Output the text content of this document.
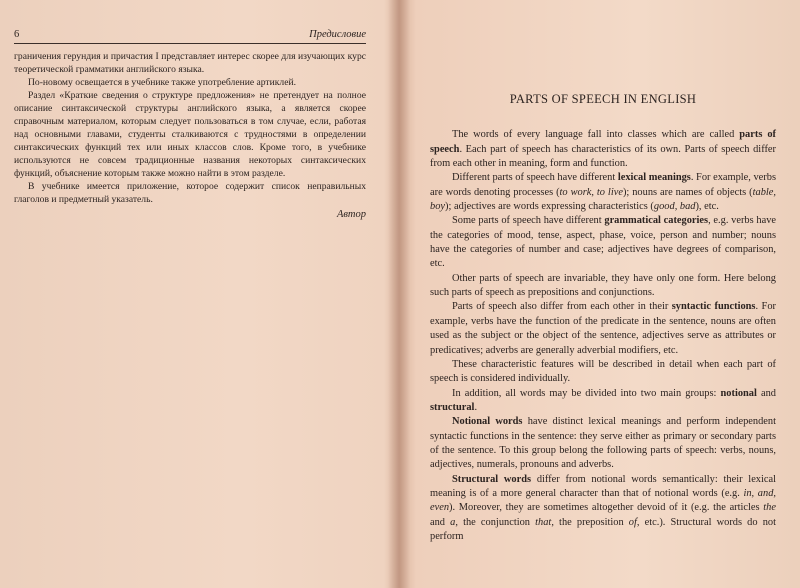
6	Предисловие

граничения герундия и причастия I представляет интерес скорее для изучающих курс теоретической грамматики английского языка.

По-новому освещается в учебнике также употребление артиклей.

Раздел «Краткие сведения о структуре предложения» не претендует на полное описание синтаксической структуры английского языка, а является скорее справочным материалом, которым следует пользоваться в том случае, если, работая над основными главами, студенты сталкиваются с трудностями в определении синтаксических функций тех или иных классов слов. Кроме того, в учебнике используются не совсем традиционные названия некоторых синтаксических функций, объяснение которым также можно найти в этом разделе.

В учебнике имеется приложение, которое содержит список неправильных глаголов и предметный указатель.

Автор
PARTS OF SPEECH IN ENGLISH

The words of every language fall into classes which are called parts of speech. Each part of speech has characteristics of its own. Parts of speech differ from each other in meaning, form and function.

Different parts of speech have different lexical meanings. For example, verbs are words denoting processes (to work, to live); nouns are names of objects (table, boy); adjectives are words expressing characteristics (good, bad), etc.

Some parts of speech have different grammatical categories, e.g. verbs have the categories of mood, tense, aspect, phase, voice, person and number; nouns have the categories of number and case; adjectives have degrees of comparison, etc.

Other parts of speech are invariable, they have only one form. Here belong such parts of speech as prepositions and conjunctions.

Parts of speech also differ from each other in their syntactic functions. For example, verbs have the function of the predicate in the sentence, nouns are often used as the subject or the object of the sentence, adjectives serve as attributes or predicatives; adverbs are generally adverbial modifiers, etc.

These characteristic features will be described in detail when each part of speech is considered individually.

In addition, all words may be divided into two main groups: notional and structural.

Notional words have distinct lexical meanings and perform independent syntactic functions in the sentence: they serve either as primary or secondary parts of the sentence. To this group belong the following parts of speech: verbs, nouns, adjectives, numerals, pronouns and adverbs.

Structural words differ from notional words semantically: their lexical meaning is of a more general character than that of notional words (e.g. in, and, even). Moreover, they are sometimes altogether devoid of it (e.g. the articles the and a, the conjunction that, the preposition of, etc.). Structural words do not perform
